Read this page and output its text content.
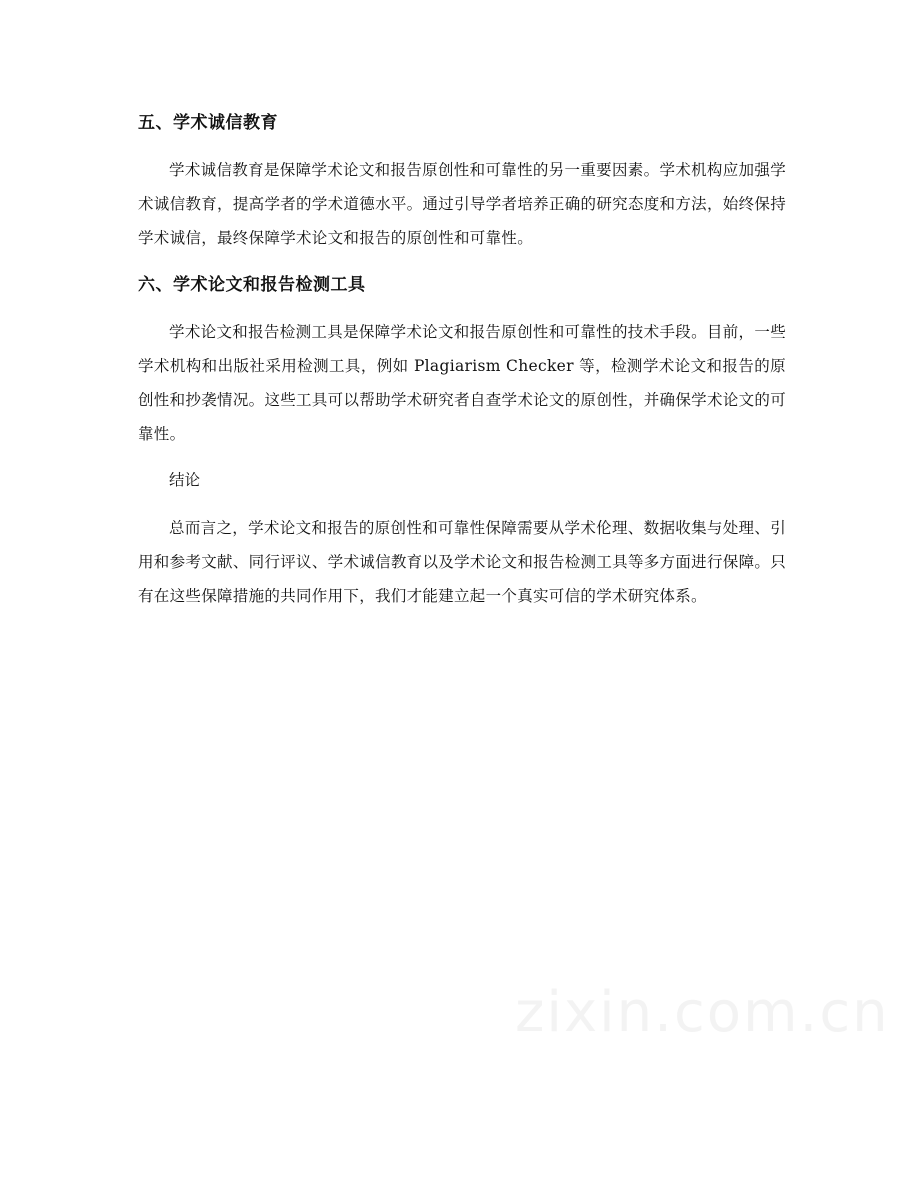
五、学术诚信教育

学术诚信教育是保障学术论文和报告原创性和可靠性的另一重要因素。学术机构应加强学术诚信教育，提高学者的学术道德水平。通过引导学者培养正确的研究态度和方法，始终保持学术诚信，最终保障学术论文和报告的原创性和可靠性。

六、学术论文和报告检测工具

学术论文和报告检测工具是保障学术论文和报告原创性和可靠性的技术手段。目前，一些学术机构和出版社采用检测工具，例如 Plagiarism Checker 等，检测学术论文和报告的原创性和抄袭情况。这些工具可以帮助学术研究者自查学术论文的原创性，并确保学术论文的可靠性。

结论

总而言之，学术论文和报告的原创性和可靠性保障需要从学术伦理、数据收集与处理、引用和参考文献、同行评议、学术诚信教育以及学术论文和报告检测工具等多方面进行保障。只有在这些保障措施的共同作用下，我们才能建立起一个真实可信的学术研究体系。

zixin.com.cn
